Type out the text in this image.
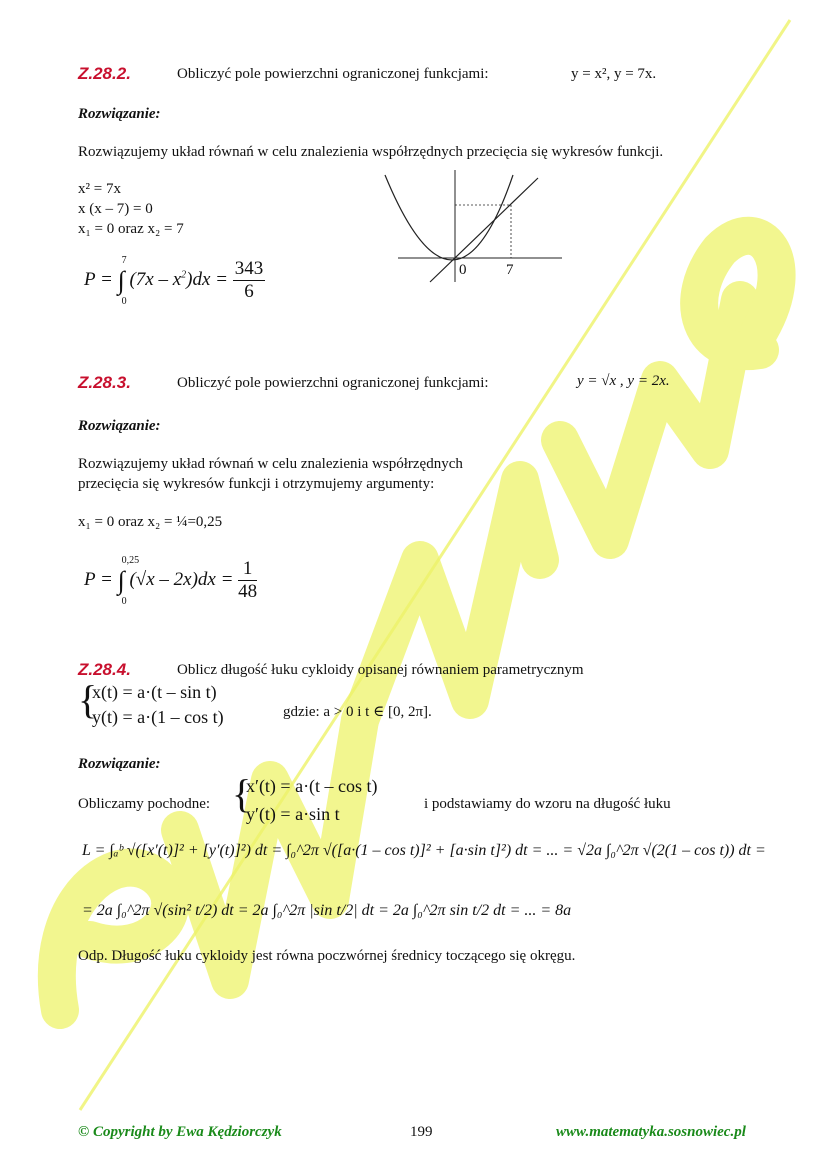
Z.28.2.	Obliczyć pole powierzchni ograniczonej funkcjami:	y = x², y = 7x.
Rozwiązanie:
Rozwiązujemy układ równań w celu znalezienia współrzędnych przecięcia się wykresów funkcji.
x² = 7x
x (x – 7) = 0
x₁ = 0 oraz x₂ = 7
0	7
P = ∫
7
0
$(7x - x^2)dx = \frac{343}{6}$
Z.28.3.	Obliczyć pole powierzchni ograniczonej funkcjami:	y = √x , y = 2x.
Rozwiązanie:
Rozwiązujemy układ równań w celu znalezienia współrzędnych
przecięcia się wykresów funkcji i otrzymujemy argumenty:
x₁ = 0 oraz x₂ = ¼=0,25
P = ∫
0,25
0
$(√x - 2x)dx = \frac{1}{48}$
Z.28.4.	Oblicz długość łuku cykloidy opisanej równaniem parametrycznym
{
x(t) = a·(t – sin t)
y(t) = a·(1 – cos t)	gdzie: a > 0 i t ∈ [0, 2π].
Rozwiązanie:
Obliczamy pochodne: {
x′(t) = a·(t – cos t)
y′(t) = a·sin t	i podstawiamy do wzoru na długość łuku
L = ∫ₐᵇ √([x′(t)]² + [y′(t)]²) dt = ∫₀^2π √([a·(1 – cos t)]² + [a·sin t]²) dt = ... = √2a ∫₀^2π √(2(1 – cos t)) dt =
= 2a ∫₀^2π √(sin² t/2) dt = 2a ∫₀^2π |sin t/2| dt = 2a ∫₀^2π sin t/2 dt = ... = 8a
Odp. Długość łuku cykloidy jest równa poczwórnej średnicy toczącego się okręgu.
© Copyright by Ewa Kędziorczyk	199	www.matematyka.sosnowiec.pl
